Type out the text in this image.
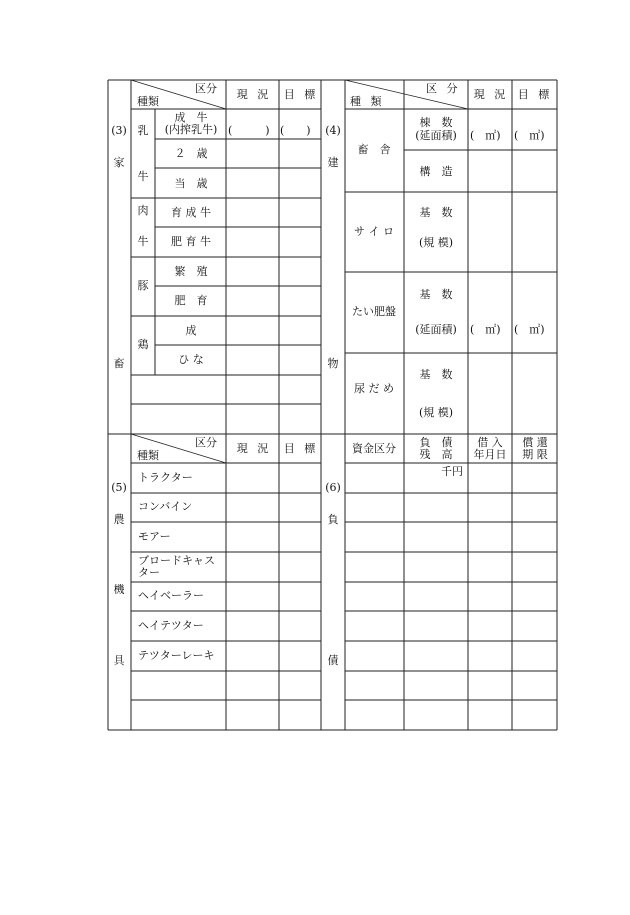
(3)
家
畜
区分
種類
現 況 目 標
乳
牛
肉
牛
豚
鶏
成　牛
(内搾乳牛) (　　　) (　　)
２　歳
当　歳
育 成 牛
肥 育 牛
繁　殖
肥　育
成
ひ な
(4)
建
物
区 分
種 類
現 況 目 標
畜　舎
棟　数
(延面積) (　㎡) (　㎡)
構　造
サ イ ロ
基　数
(規 模)
たい肥盤
基　数
(延面積) (　㎡) (　㎡)
尿 だ め
基　数
(規 模)
(5)
農
機
具
区分
種類
現 況 目 標
トラクター
コンバイン
モアー
ブロードキャス
ター
ヘイベーラー
ヘイテツター
テツターレーキ
(6)
負
債
資金区分 負　債
残　高
借 入
年月日
償 還
期 限
千円
